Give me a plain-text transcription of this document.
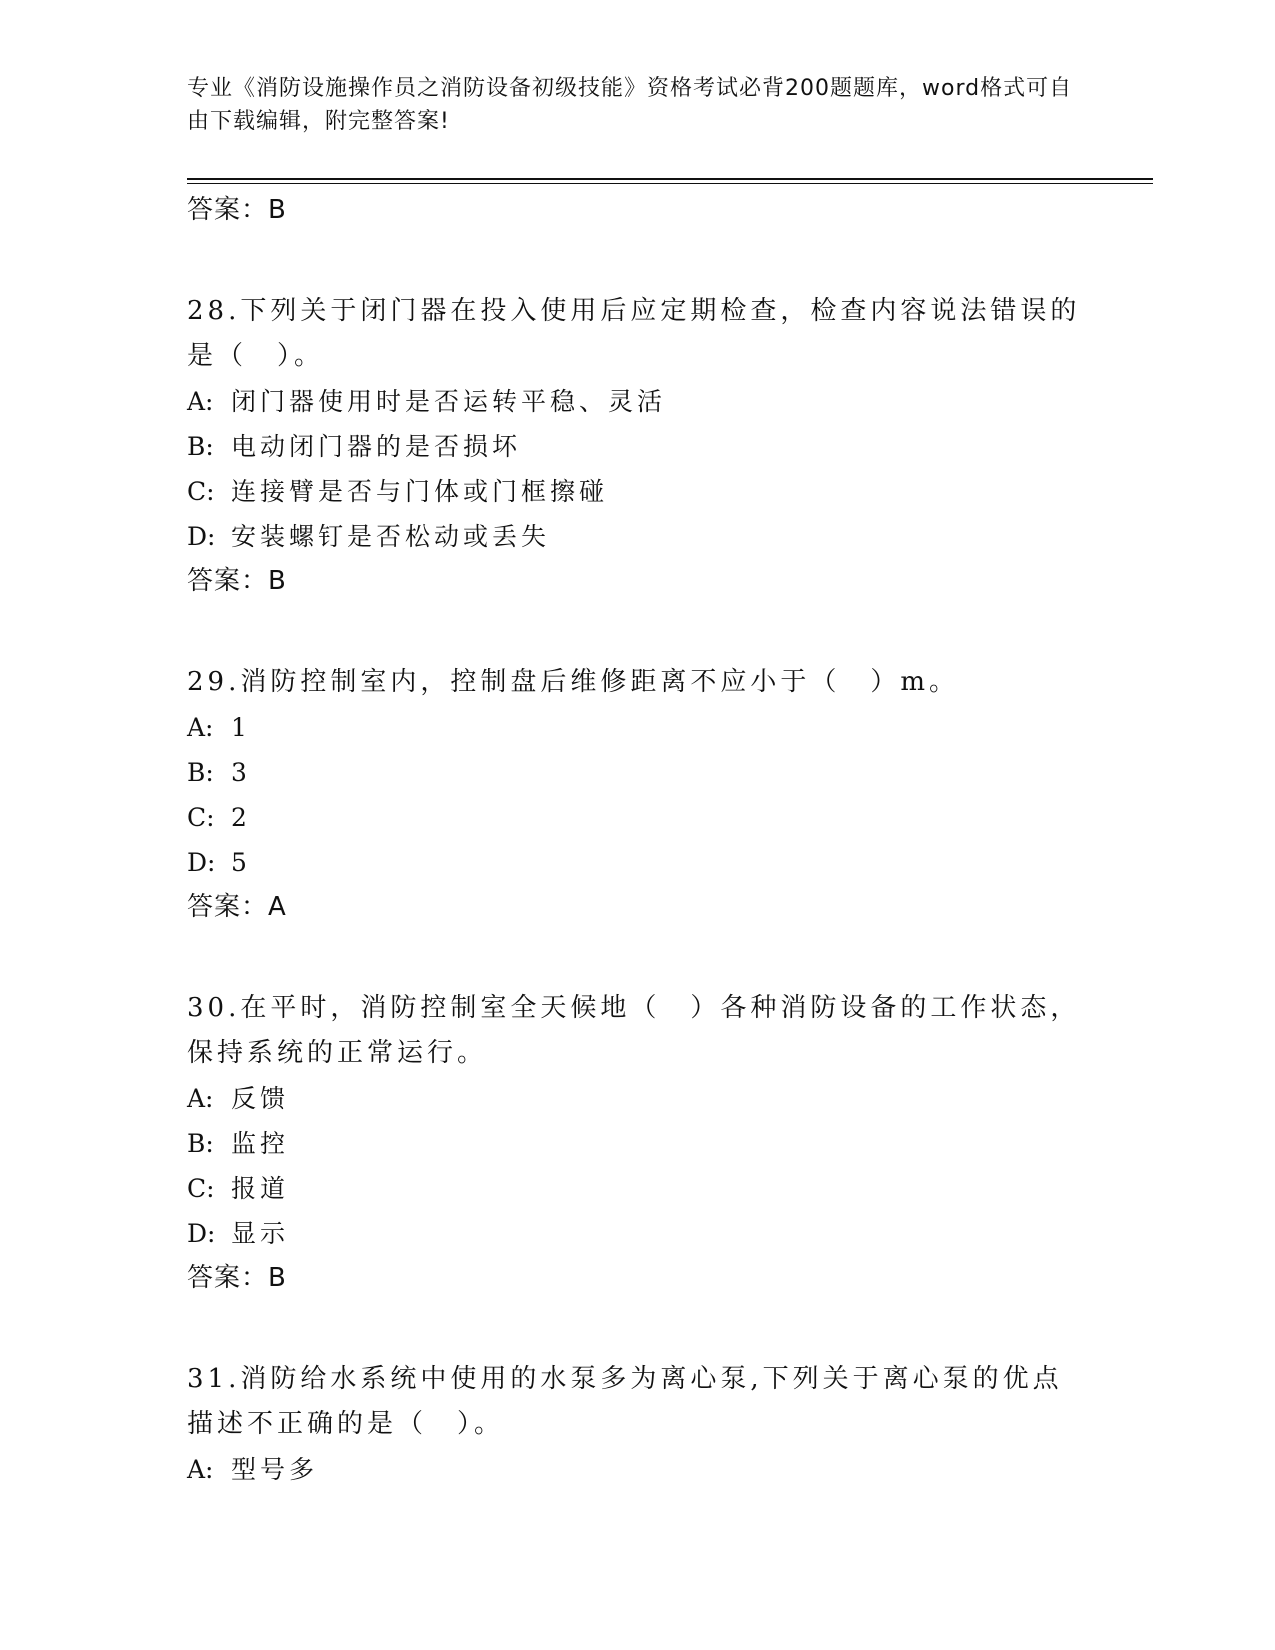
专业《消防设施操作员之消防设备初级技能》资格考试必背200题题库，word格式可自由下载编辑，附完整答案!
答案：B
28.下列关于闭门器在投入使用后应定期检查，检查内容说法错误的是（　）。
A: 闭门器使用时是否运转平稳、灵活
B: 电动闭门器的是否损坏
C: 连接臂是否与门体或门框擦碰
D: 安装螺钉是否松动或丢失
答案：B
29.消防控制室内，控制盘后维修距离不应小于（　）m。
A: 1
B: 3
C: 2
D: 5
答案：A
30.在平时，消防控制室全天候地（　）各种消防设备的工作状态，保持系统的正常运行。
A: 反馈
B: 监控
C: 报道
D: 显示
答案：B
31.消防给水系统中使用的水泵多为离心泵,下列关于离心泵的优点描述不正确的是（　）。
A: 型号多
